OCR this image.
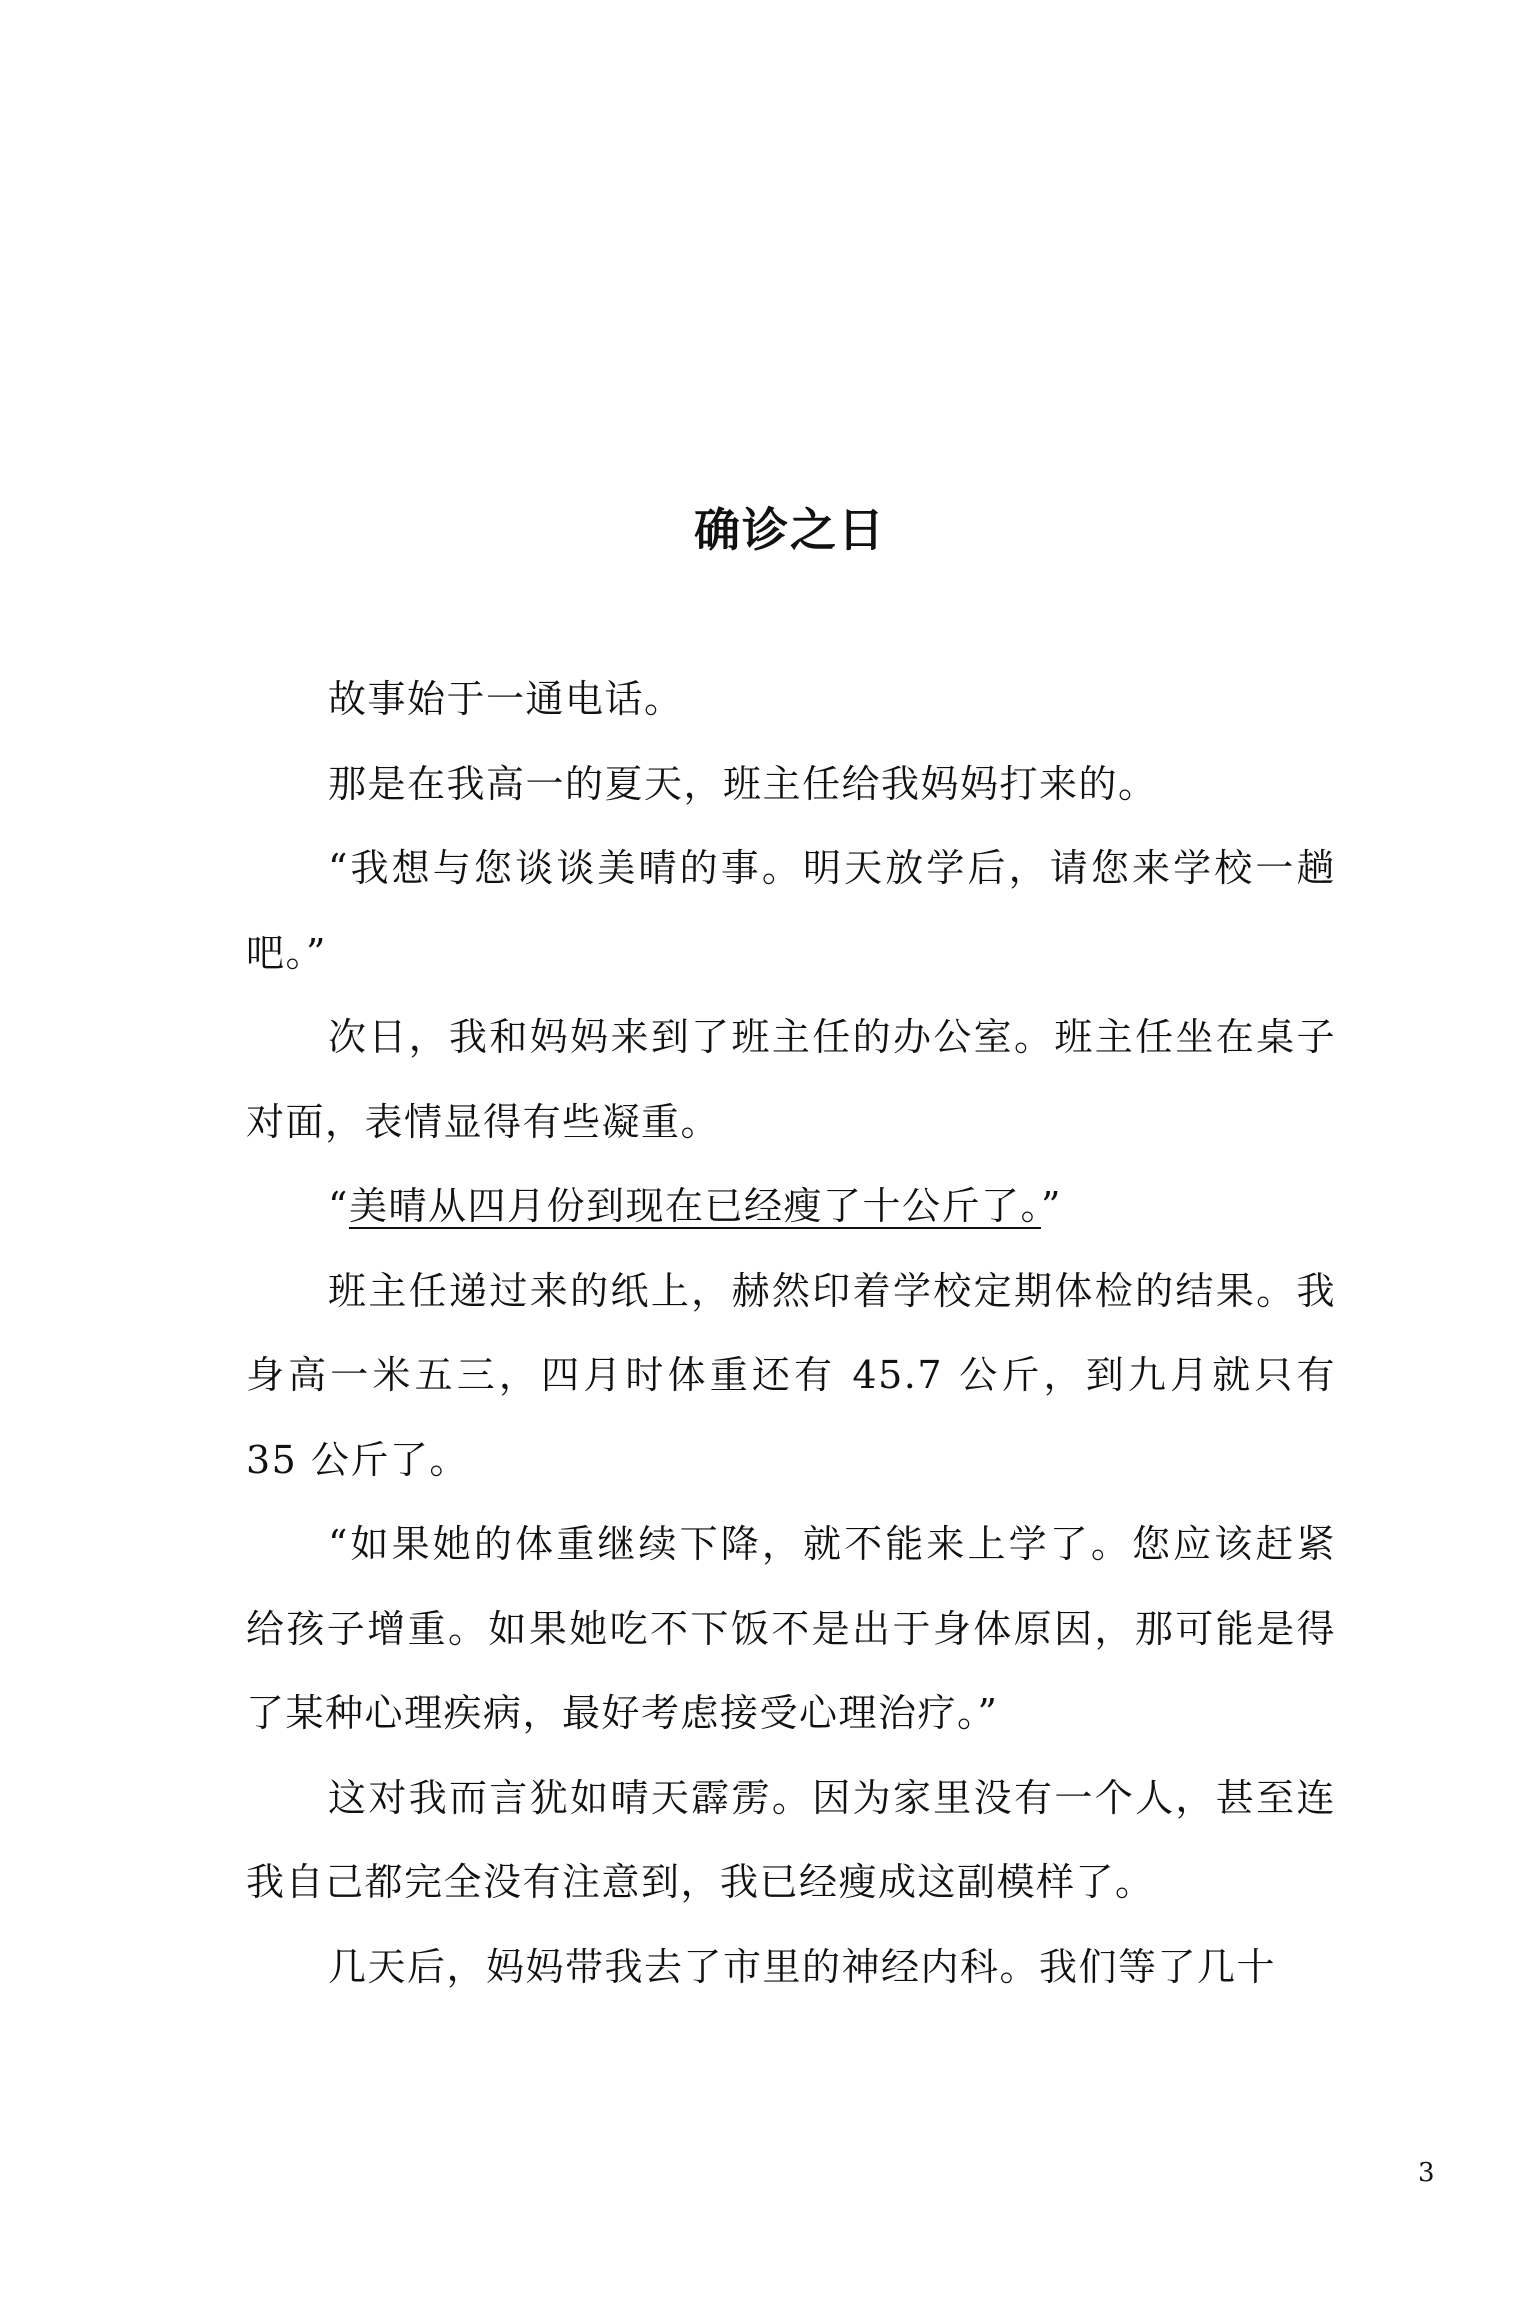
确诊之日

故事始于一通电话。

那是在我高一的夏天，班主任给我妈妈打来的。

“我想与您谈谈美晴的事。明天放学后，请您来学校一趟吧。”

次日，我和妈妈来到了班主任的办公室。班主任坐在桌子对面，表情显得有些凝重。

“美晴从四月份到现在已经瘦了十公斤了。”

班主任递过来的纸上，赫然印着学校定期体检的结果。我身高一米五三，四月时体重还有 45.7 公斤，到九月就只有 35 公斤了。

“如果她的体重继续下降，就不能来上学了。您应该赶紧给孩子增重。如果她吃不下饭不是出于身体原因，那可能是得了某种心理疾病，最好考虑接受心理治疗。”

这对我而言犹如晴天霹雳。因为家里没有一个人，甚至连我自己都完全没有注意到，我已经瘦成这副模样了。

几天后，妈妈带我去了市里的神经内科。我们等了几十

3
